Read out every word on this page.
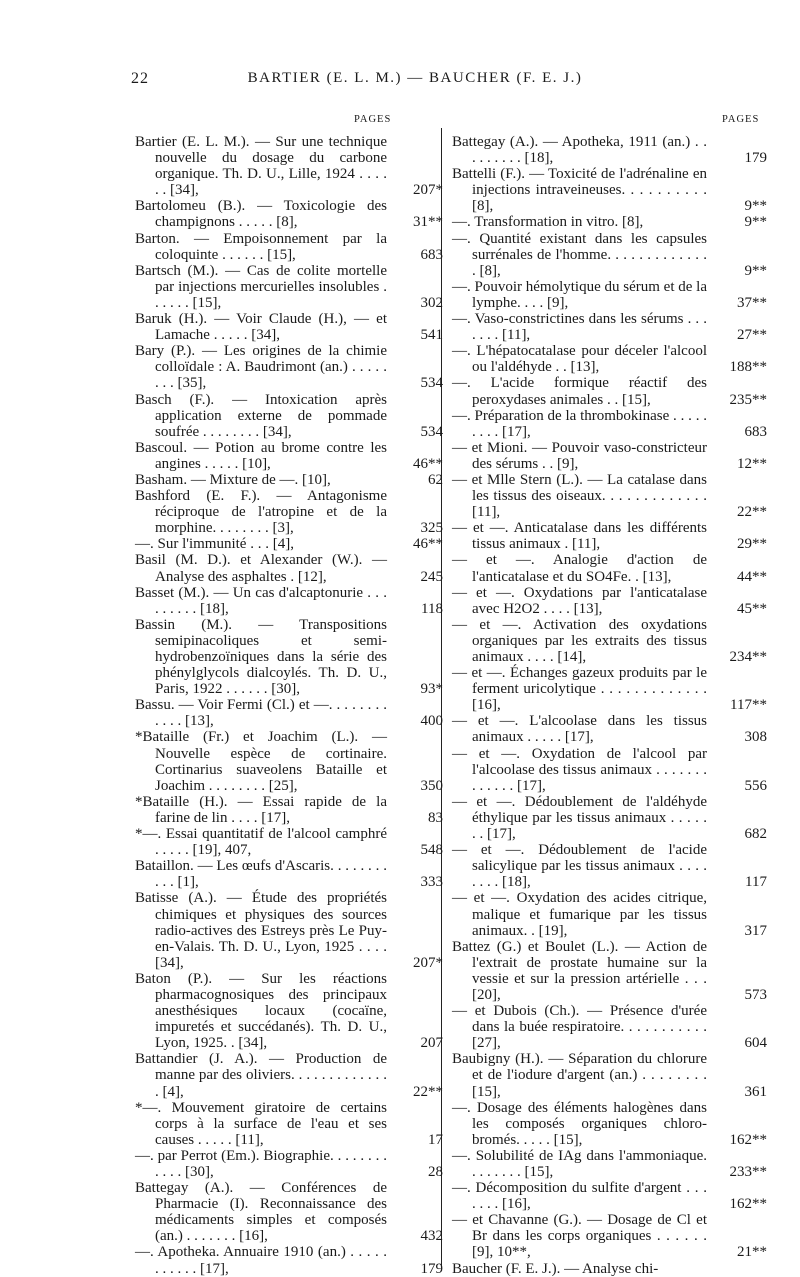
22	BARTIER (E. L. M.) — BAUCHER (F. E. J.)
PAGES	PAGES
Bartier (E. L. M.). — Sur une technique nouvelle du dosage du carbone organique. Th. D. U., Lille, 1924 . . . . . . [34],	207*
Bartolomeu (B.). — Toxicologie des champignons . . . . . [8],	31**
Barton. — Empoisonnement par la coloquinte . . . . . . [15],	683
Bartsch (M.). — Cas de colite mortelle par injections mercurielles insolubles . . . . . . [15],	302
Baruk (H.). — Voir Claude (H.), — et Lamache . . . . . [34],	541
Bary (P.). — Les origines de la chimie colloïdale : A. Baudrimont (an.) . . . . . . . . [35],	534
Basch (F.). — Intoxication après application externe de pommade soufrée . . . . . . . . [34],	534
Bascoul. — Potion au brome contre les angines . . . . . [10],	46**
Basham. — Mixture de —. [10],	62
Bashford (E. F.). — Antagonisme réciproque de l'atropine et de la morphine. . . . . . . . [3],	325
—. Sur l'immunité . . . [4],	46**
Basil (M. D.). et Alexander (W.). — Analyse des asphaltes . [12],	245
Basset (M.). — Un cas d'alcaptonurie . . . . . . . . . [18],	118
Bassin (M.). — Transpositions semipinacoliques et semi-hydrobenzoïniques dans la série des phénylglycols dialcoylés. Th. D. U., Paris, 1922 . . . . . . [30],	93*
Bassu. — Voir Fermi (Cl.) et —. . . . . . . . . . . . [13],	400
*Bataille (Fr.) et Joachim (L.). — Nouvelle espèce de cortinaire. Cortinarius suaveolens Bataille et Joachim . . . . . . . . [25],	350
*Bataille (H.). — Essai rapide de la farine de lin . . . . [17],	83
*—. Essai quantitatif de l'alcool camphré . . . . . [19], 407,	548
Bataillon. — Les œufs d'Ascaris. . . . . . . . . . . [1],	333
Batisse (A.). — Étude des propriétés chimiques et physiques des sources radio-actives des Estreys près Le Puy-en-Valais. Th. D. U., Lyon, 1925 . . . . [34],	207*
Baton (P.). — Sur les réactions pharmacognosiques des principaux anesthésiques locaux (cocaïne, impuretés et succédanés). Th. D. U., Lyon, 1925. . [34],	207
Battandier (J. A.). — Production de manne par des oliviers. . . . . . . . . . . . . . [4],	22**
*—. Mouvement giratoire de certains corps à la surface de l'eau et ses causes . . . . . [11],	17
—. par Perrot (Em.). Biographie. . . . . . . . . . . . [30],	28
Battegay (A.). — Conférences de Pharmacie (I). Reconnaissance des médicaments simples et composés (an.) . . . . . . . [16],	432
—. Apotheka. Annuaire 1910 (an.) . . . . . . . . . . . [17],	179
Battegay (A.). — Apotheka, 1911 (an.) . . . . . . . . . [18],	179
Battelli (F.). — Toxicité de l'adrénaline en injections intraveineuses. . . . . . . . . . [8],	9**
—. Transformation in vitro. [8],	9**
—. Quantité existant dans les capsules surrénales de l'homme. . . . . . . . . . . . . . [8],	9**
—. Pouvoir hémolytique du sérum et de la lymphe. . . . [9],	37**
—. Vaso-constrictines dans les sérums . . . . . . . [11],	27**
—. L'hépatocatalase pour déceler l'alcool ou l'aldéhyde . . [13],	188**
—. L'acide formique réactif des peroxydases animales . . [15],	235**
—. Préparation de la thrombokinase . . . . . . . . . [17],	683
— et Mioni. — Pouvoir vaso-constricteur des sérums . . [9],	12**
— et Mlle Stern (L.). — La catalase dans les tissus des oiseaux. . . . . . . . . . . . . [11],	22**
— et —. Anticatalase dans les différents tissus animaux . [11],	29**
— et —. Analogie d'action de l'anticatalase et du SO4Fe. . [13],	44**
— et —. Oxydations par l'anticatalase avec H2O2 . . . . [13],	45**
— et —. Activation des oxydations organiques par les extraits des tissus animaux . . . . [14],	234**
— et —. Échanges gazeux produits par le ferment uricolytique . . . . . . . . . . . . . [16],	117**
— et —. L'alcoolase dans les tissus animaux . . . . . [17],	308
— et —. Oxydation de l'alcool par l'alcoolase des tissus animaux . . . . . . . . . . . . . [17],	556
— et —. Dédoublement de l'aldéhyde éthylique par les tissus animaux . . . . . . . [17],	682
— et —. Dédoublement de l'acide salicylique par les tissus animaux . . . . . . . . [18],	117
— et —. Oxydation des acides citrique, malique et fumarique par les tissus animaux. . [19],	317
Battez (G.) et Boulet (L.). — Action de l'extrait de prostate humaine sur la vessie et sur la pression artérielle . . . [20],	573
— et Dubois (Ch.). — Présence d'urée dans la buée respiratoire. . . . . . . . . . . [27],	604
Baubigny (H.). — Séparation du chlorure et de l'iodure d'argent (an.) . . . . . . . . [15],	361
—. Dosage des éléments halogènes dans les composés organiques chloro-bromés. . . . . [15],	162**
—. Solubilité de IAg dans l'ammoniaque. . . . . . . . [15],	233**
—. Décomposition du sulfite d'argent . . . . . . . [16],	162**
— et Chavanne (G.). — Dosage de Cl et Br dans les corps organiques . . . . . . [9], 10**,	21**
Baucher (F. E. J.). — Analyse chi-
